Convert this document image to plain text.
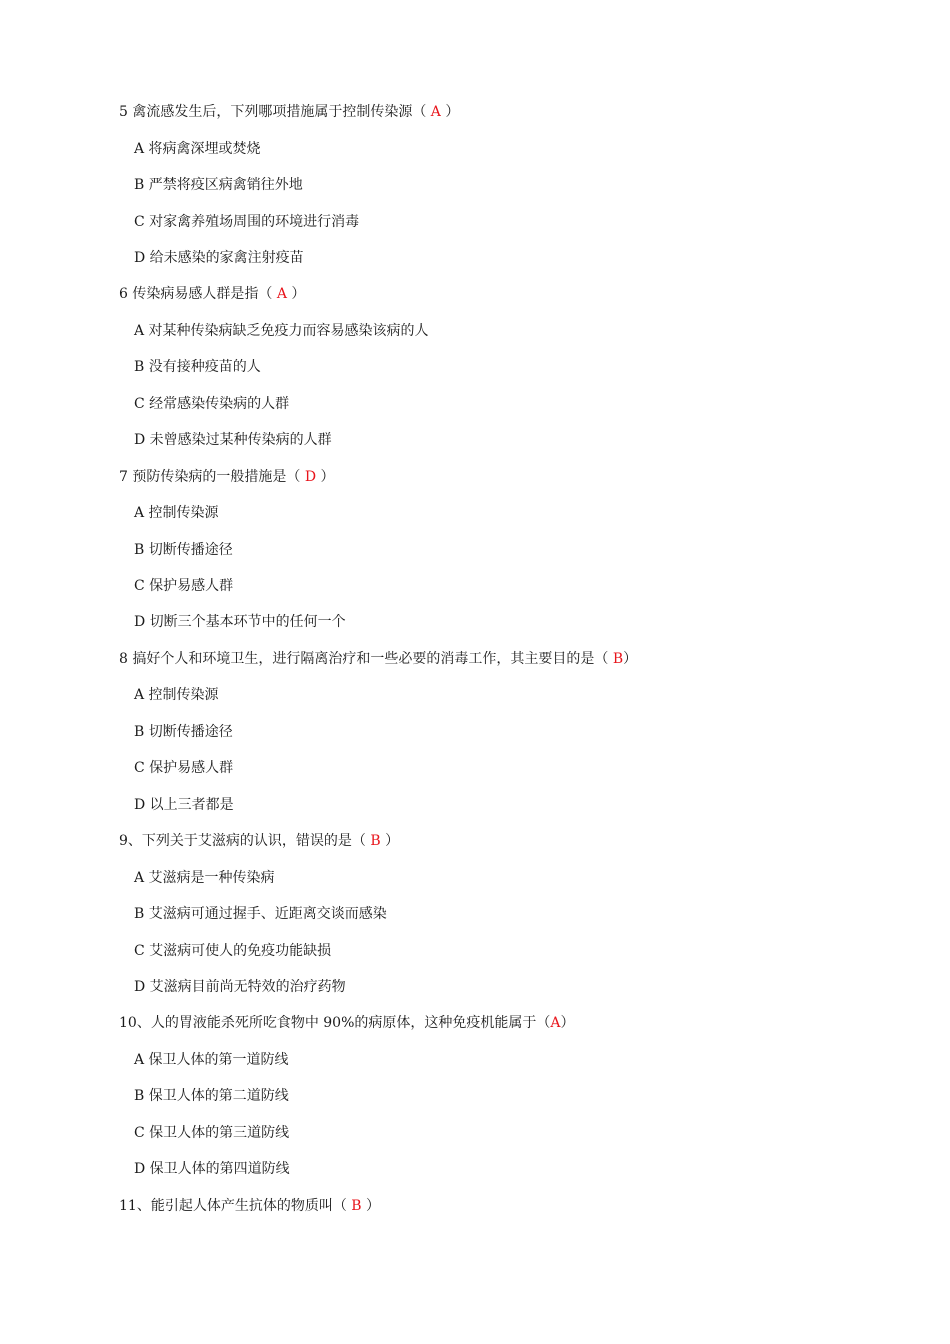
5 禽流感发生后，下列哪项措施属于控制传染源（ A ）
A 将病禽深埋或焚烧
B 严禁将疫区病禽销往外地
C 对家禽养殖场周围的环境进行消毒
D 给未感染的家禽注射疫苗
6 传染病易感人群是指（ A ）
A 对某种传染病缺乏免疫力而容易感染该病的人
B 没有接种疫苗的人
C 经常感染传染病的人群
D 未曾感染过某种传染病的人群
7 预防传染病的一般措施是（ D ）
A 控制传染源
B 切断传播途径
C 保护易感人群
D 切断三个基本环节中的任何一个
8 搞好个人和环境卫生，进行隔离治疗和一些必要的消毒工作，其主要目的是（ B）
A 控制传染源
B 切断传播途径
C 保护易感人群
D 以上三者都是
9、下列关于艾滋病的认识，错误的是（ B ）
A 艾滋病是一种传染病
B 艾滋病可通过握手、近距离交谈而感染
C 艾滋病可使人的免疫功能缺损
D 艾滋病目前尚无特效的治疗药物
10、人的胃液能杀死所吃食物中 90%的病原体，这种免疫机能属于（A）
A 保卫人体的第一道防线
B 保卫人体的第二道防线
C 保卫人体的第三道防线
D 保卫人体的第四道防线
11、能引起人体产生抗体的物质叫（ B ）
